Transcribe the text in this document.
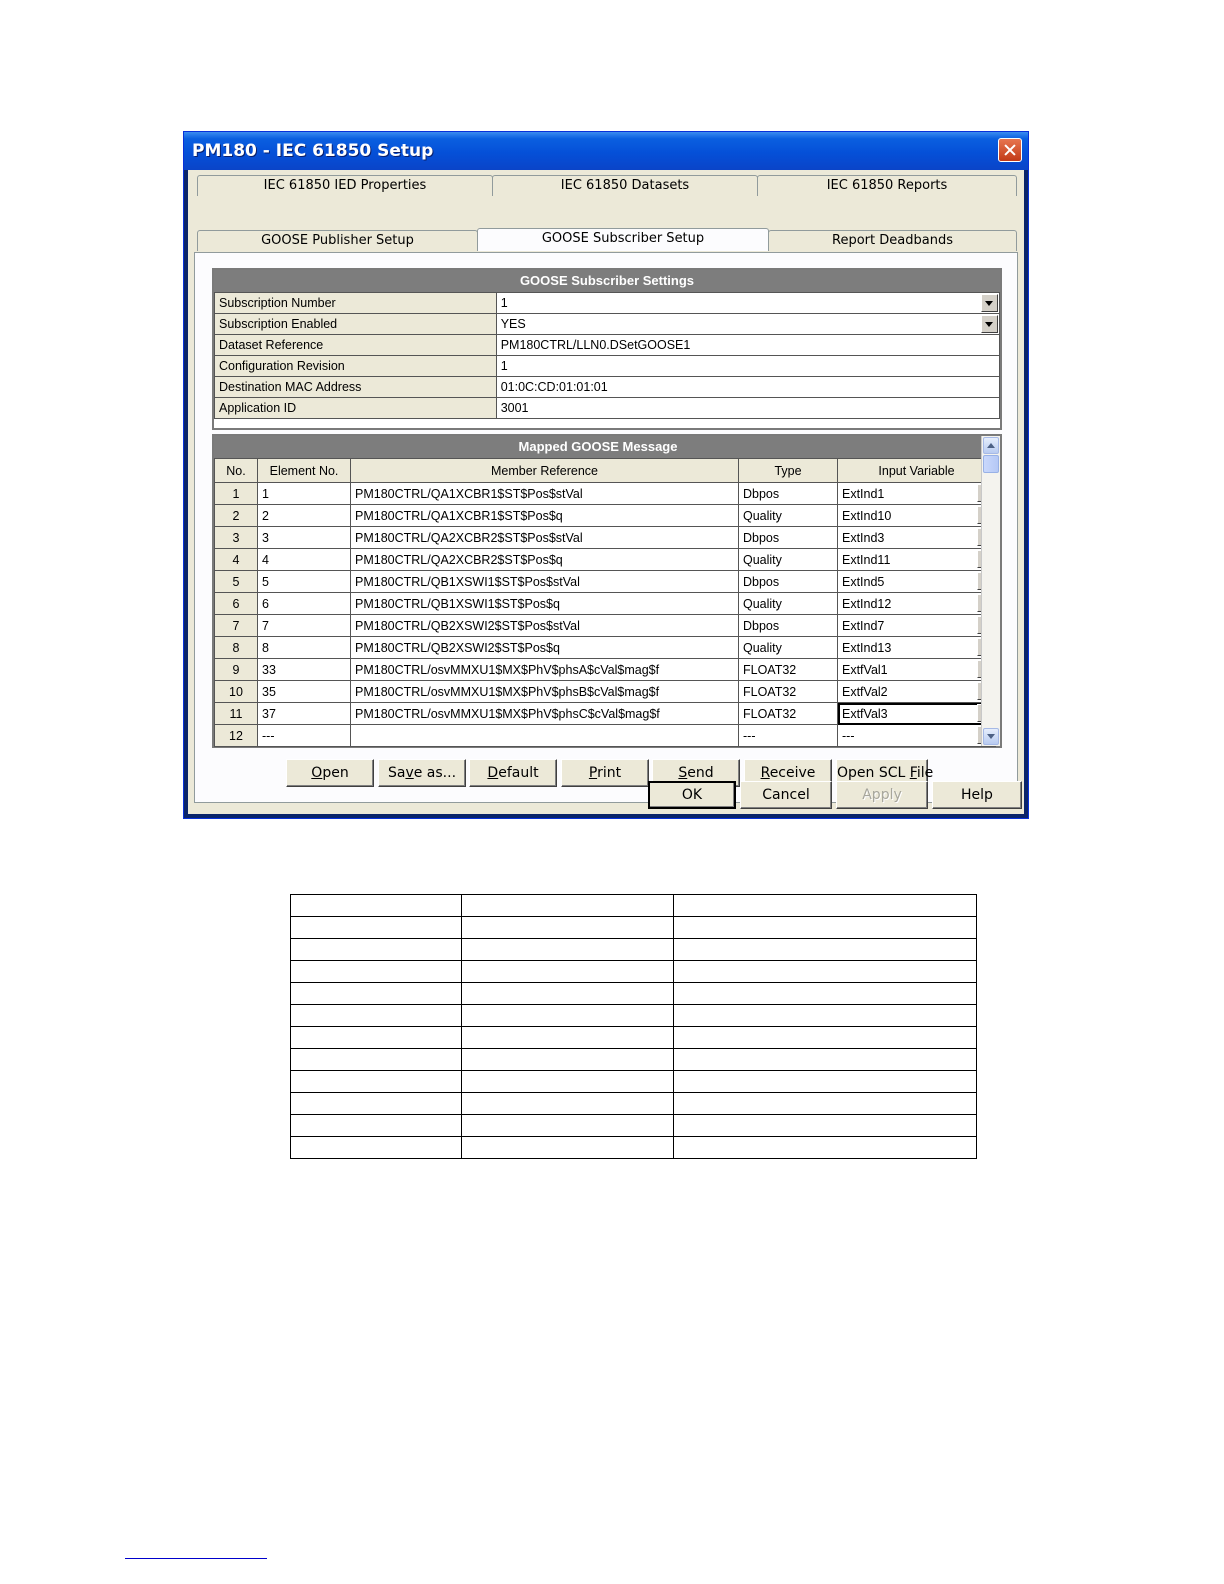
PM180 - IEC 61850 Setup
IEC 61850 IED Properties	IEC 61850 Datasets	IEC 61850 Reports
GOOSE Publisher Setup	GOOSE Subscriber Setup	Report Deadbands
GOOSE Subscriber Settings
Subscription Number	1

Subscription Enabled	YES

Dataset Reference	PM180CTRL/LLN0.DSetGOOSE1
Configuration Revision	1
Destination MAC Address	01:0C:CD:01:01:01
Application ID	3001
Mapped GOOSE Message
No.	Element No.	Member Reference	Type	Input Variable
1	1	PM180CTRL/QA1XCBR1$ST$Pos$stVal	Dbpos	ExtInd1

2	2	PM180CTRL/QA1XCBR1$ST$Pos$q	Quality	ExtInd10

3	3	PM180CTRL/QA2XCBR2$ST$Pos$stVal	Dbpos	ExtInd3

4	4	PM180CTRL/QA2XCBR2$ST$Pos$q	Quality	ExtInd11

5	5	PM180CTRL/QB1XSWI1$ST$Pos$stVal	Dbpos	ExtInd5

6	6	PM180CTRL/QB1XSWI1$ST$Pos$q	Quality	ExtInd12

7	7	PM180CTRL/QB2XSWI2$ST$Pos$stVal	Dbpos	ExtInd7

8	8	PM180CTRL/QB2XSWI2$ST$Pos$q	Quality	ExtInd13

9	33	PM180CTRL/osvMMXU1$MX$PhV$phsA$cVal$mag$f	FLOAT32	ExtfVal1

10	35	PM180CTRL/osvMMXU1$MX$PhV$phsB$cVal$mag$f	FLOAT32	ExtfVal2

11	37	PM180CTRL/osvMMXU1$MX$PhV$phsC$cVal$mag$f	FLOAT32	ExtfVal3

12	---		---	---
Open	Save as...	Default	Print	Send	Receive	Open SCL File
OK	Cancel	Apply	Help
